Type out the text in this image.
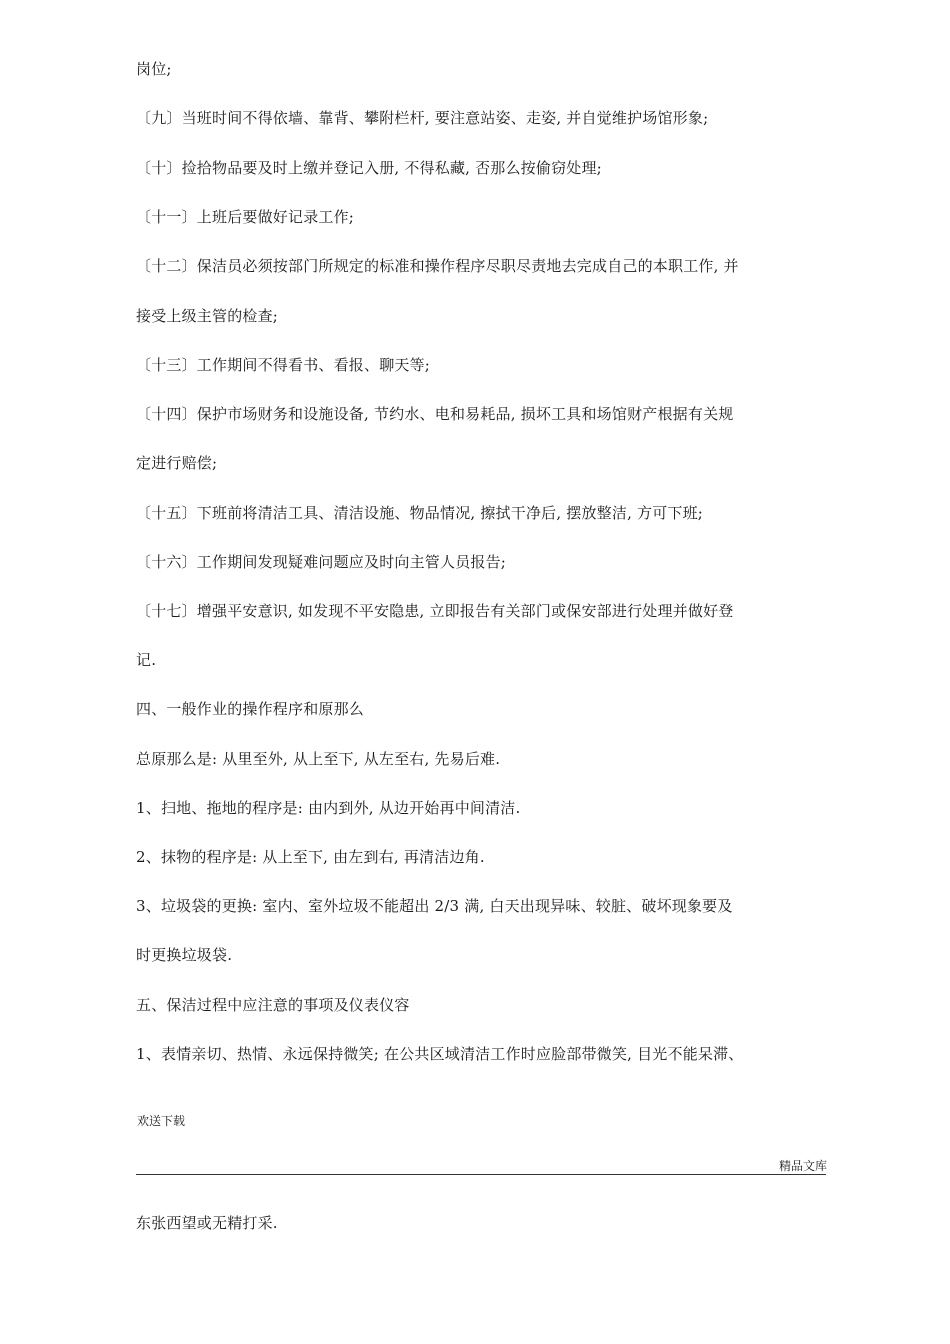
岗位;
〔九〕当班时间不得依墙、靠背、攀附栏杆, 要注意站姿、走姿, 并自觉维护场馆形象;
〔十〕捡拾物品要及时上缴并登记入册, 不得私藏, 否那么按偷窃处理;
〔十一〕上班后要做好记录工作;
〔十二〕保洁员必须按部门所规定的标准和操作程序尽职尽责地去完成自己的本职工作, 并
接受上级主管的检查;
〔十三〕工作期间不得看书、看报、聊天等;
〔十四〕保护市场财务和设施设备, 节约水、电和易耗品, 损坏工具和场馆财产根据有关规
定进行赔偿;
〔十五〕下班前将清洁工具、清洁设施、物品情况, 擦拭干净后, 摆放整洁, 方可下班;
〔十六〕工作期间发现疑难问题应及时向主管人员报告;
〔十七〕增强平安意识, 如发现不平安隐患, 立即报告有关部门或保安部进行处理并做好登
记.
四、一般作业的操作程序和原那么
总原那么是: 从里至外, 从上至下, 从左至右, 先易后难.
1、扫地、拖地的程序是: 由内到外, 从边开始再中间清洁.
2、抹物的程序是: 从上至下, 由左到右, 再清洁边角.
3、垃圾袋的更换: 室内、室外垃圾不能超出 2/3 满, 白天出现异味、较脏、破坏现象要及
时更换垃圾袋.
五、保洁过程中应注意的事项及仪表仪容
1、表情亲切、热情、永远保持微笑; 在公共区域清洁工作时应脸部带微笑, 目光不能呆滞、
欢送下载
精品文库
东张西望或无精打采.
